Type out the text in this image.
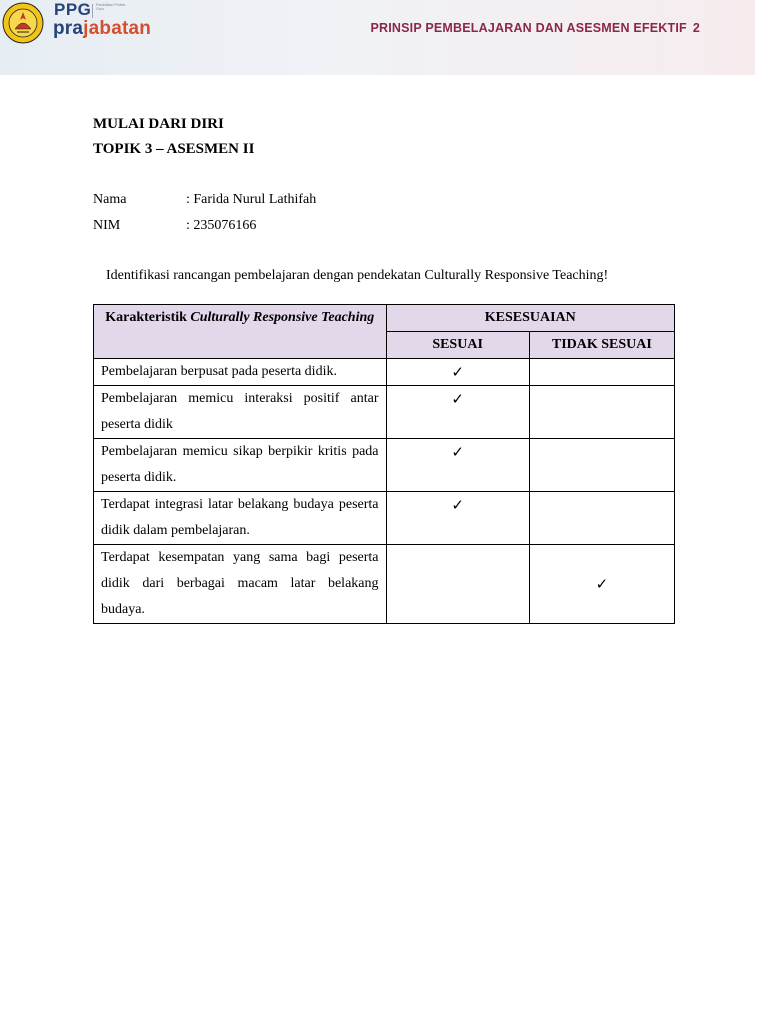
PPG Pendidikan Profesi Guru
prajabatan	PRINSIP PEMBELAJARAN DAN ASESMEN EFEKTIF 2
MULAI DARI DIRI
TOPIK 3 – ASESMEN II
Nama	: Farida Nurul Lathifah
NIM	: 235076166
Identifikasi rancangan pembelajaran dengan pendekatan Culturally Responsive Teaching!
Karakteristik Culturally Responsive Teaching	KESESUAIAN	
	SESUAI	TIDAK SESUAI
Pembelajaran berpusat pada peserta didik.	✓	
Pembelajaran memicu interaksi positif antar peserta didik	✓	
Pembelajaran memicu sikap berpikir kritis pada peserta didik.	✓	
Terdapat integrasi latar belakang budaya peserta didik dalam pembelajaran.	✓	
Terdapat kesempatan yang sama bagi peserta didik dari berbagai macam latar belakang budaya.		✓
